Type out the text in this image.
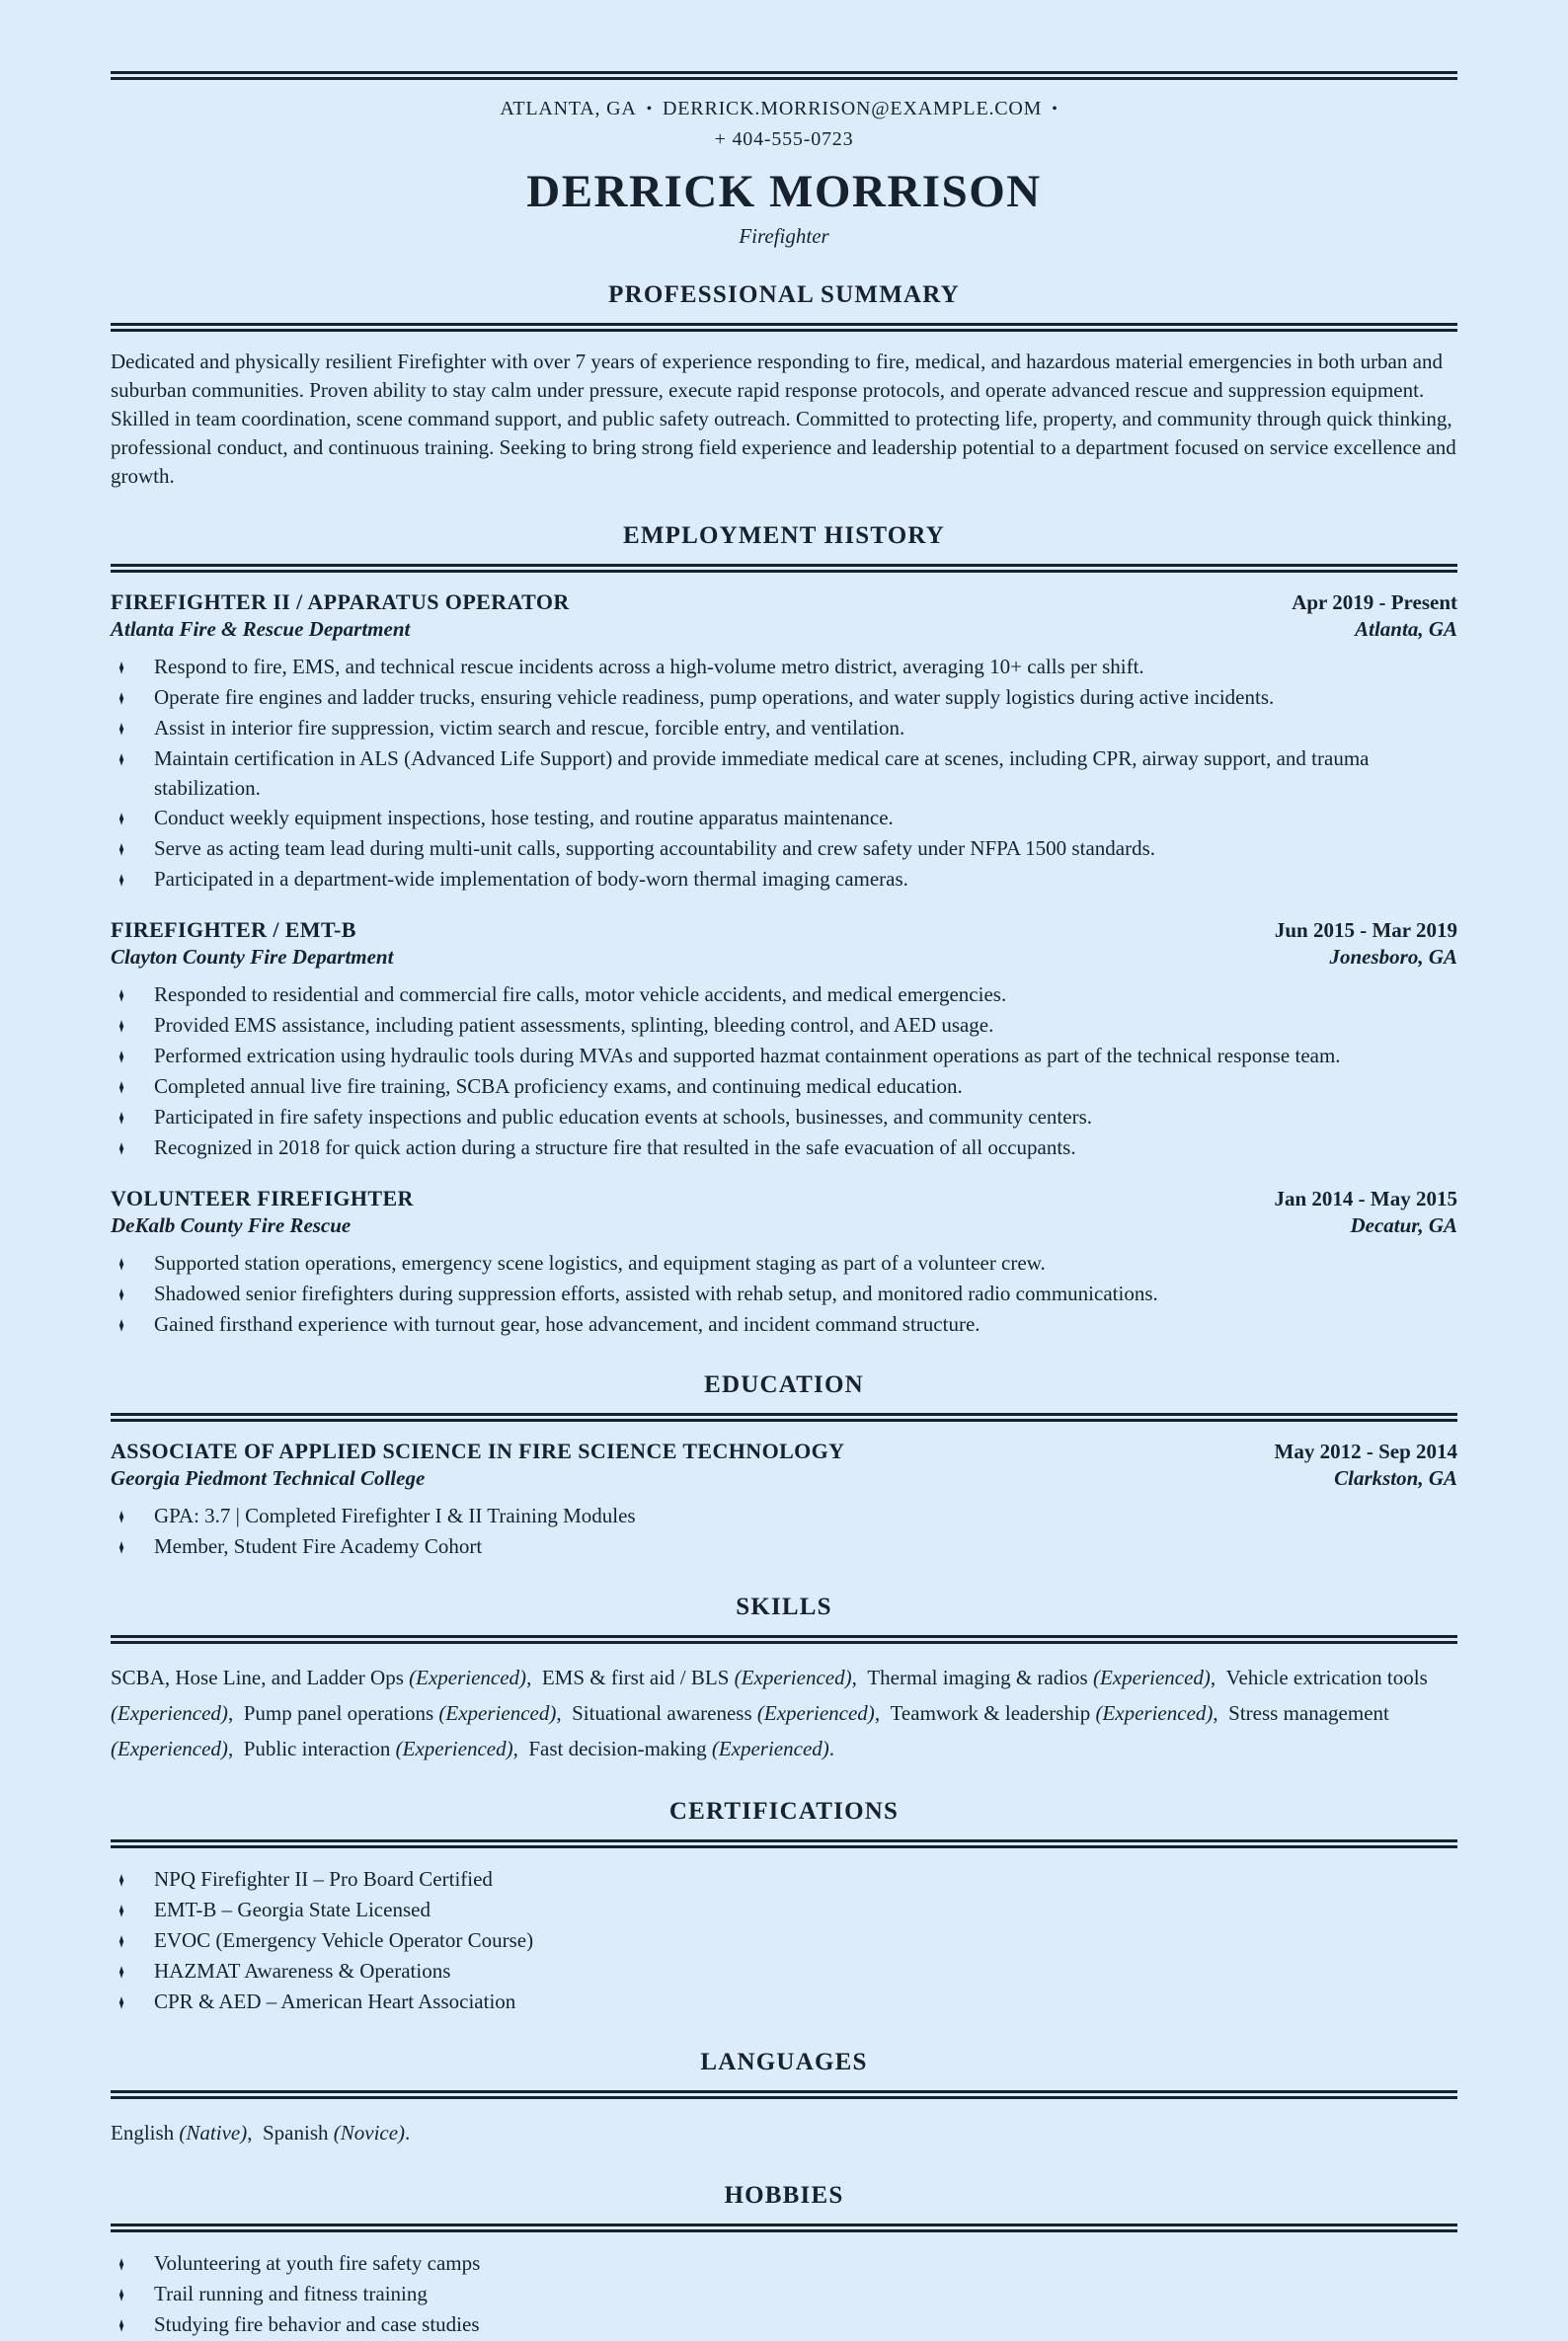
ATLANTA, GA • DERRICK.MORRISON@EXAMPLE.COM •
+ 404-555-0723
DERRICK MORRISON
Firefighter
PROFESSIONAL SUMMARY
Dedicated and physically resilient Firefighter with over 7 years of experience responding to fire, medical, and hazardous material emergencies in both urban and suburban communities. Proven ability to stay calm under pressure, execute rapid response protocols, and operate advanced rescue and suppression equipment. Skilled in team coordination, scene command support, and public safety outreach. Committed to protecting life, property, and community through quick thinking, professional conduct, and continuous training. Seeking to bring strong field experience and leadership potential to a department focused on service excellence and growth.
EMPLOYMENT HISTORY
FIREFIGHTER II / APPARATUS OPERATOR	Apr 2019 - Present
Atlanta Fire & Rescue Department	Atlanta, GA
♦	Respond to fire, EMS, and technical rescue incidents across a high-volume metro district, averaging 10+ calls per shift.
♦	Operate fire engines and ladder trucks, ensuring vehicle readiness, pump operations, and water supply logistics during active incidents.
♦	Assist in interior fire suppression, victim search and rescue, forcible entry, and ventilation.
♦	Maintain certification in ALS (Advanced Life Support) and provide immediate medical care at scenes, including CPR, airway support, and trauma stabilization.
♦	Conduct weekly equipment inspections, hose testing, and routine apparatus maintenance.
♦	Serve as acting team lead during multi-unit calls, supporting accountability and crew safety under NFPA 1500 standards.
♦	Participated in a department-wide implementation of body-worn thermal imaging cameras.
FIREFIGHTER / EMT-B	Jun 2015 - Mar 2019
Clayton County Fire Department	Jonesboro, GA
♦	Responded to residential and commercial fire calls, motor vehicle accidents, and medical emergencies.
♦	Provided EMS assistance, including patient assessments, splinting, bleeding control, and AED usage.
♦	Performed extrication using hydraulic tools during MVAs and supported hazmat containment operations as part of the technical response team.
♦	Completed annual live fire training, SCBA proficiency exams, and continuing medical education.
♦	Participated in fire safety inspections and public education events at schools, businesses, and community centers.
♦	Recognized in 2018 for quick action during a structure fire that resulted in the safe evacuation of all occupants.
VOLUNTEER FIREFIGHTER	Jan 2014 - May 2015
DeKalb County Fire Rescue	Decatur, GA
♦	Supported station operations, emergency scene logistics, and equipment staging as part of a volunteer crew.
♦	Shadowed senior firefighters during suppression efforts, assisted with rehab setup, and monitored radio communications.
♦	Gained firsthand experience with turnout gear, hose advancement, and incident command structure.
EDUCATION
ASSOCIATE OF APPLIED SCIENCE IN FIRE SCIENCE TECHNOLOGY	May 2012 - Sep 2014
Georgia Piedmont Technical College	Clarkston, GA
♦	GPA: 3.7 | Completed Firefighter I & II Training Modules
♦	Member, Student Fire Academy Cohort
SKILLS
SCBA, Hose Line, and Ladder Ops (Experienced), EMS & first aid / BLS (Experienced), Thermal imaging & radios (Experienced), Vehicle extrication tools (Experienced), Pump panel operations (Experienced), Situational awareness (Experienced), Teamwork & leadership (Experienced), Stress management (Experienced), Public interaction (Experienced), Fast decision-making (Experienced).
CERTIFICATIONS
♦	NPQ Firefighter II – Pro Board Certified
♦	EMT-B – Georgia State Licensed
♦	EVOC (Emergency Vehicle Operator Course)
♦	HAZMAT Awareness & Operations
♦	CPR & AED – American Heart Association
LANGUAGES
English (Native), Spanish (Novice).
HOBBIES
♦	Volunteering at youth fire safety camps
♦	Trail running and fitness training
♦	Studying fire behavior and case studies
